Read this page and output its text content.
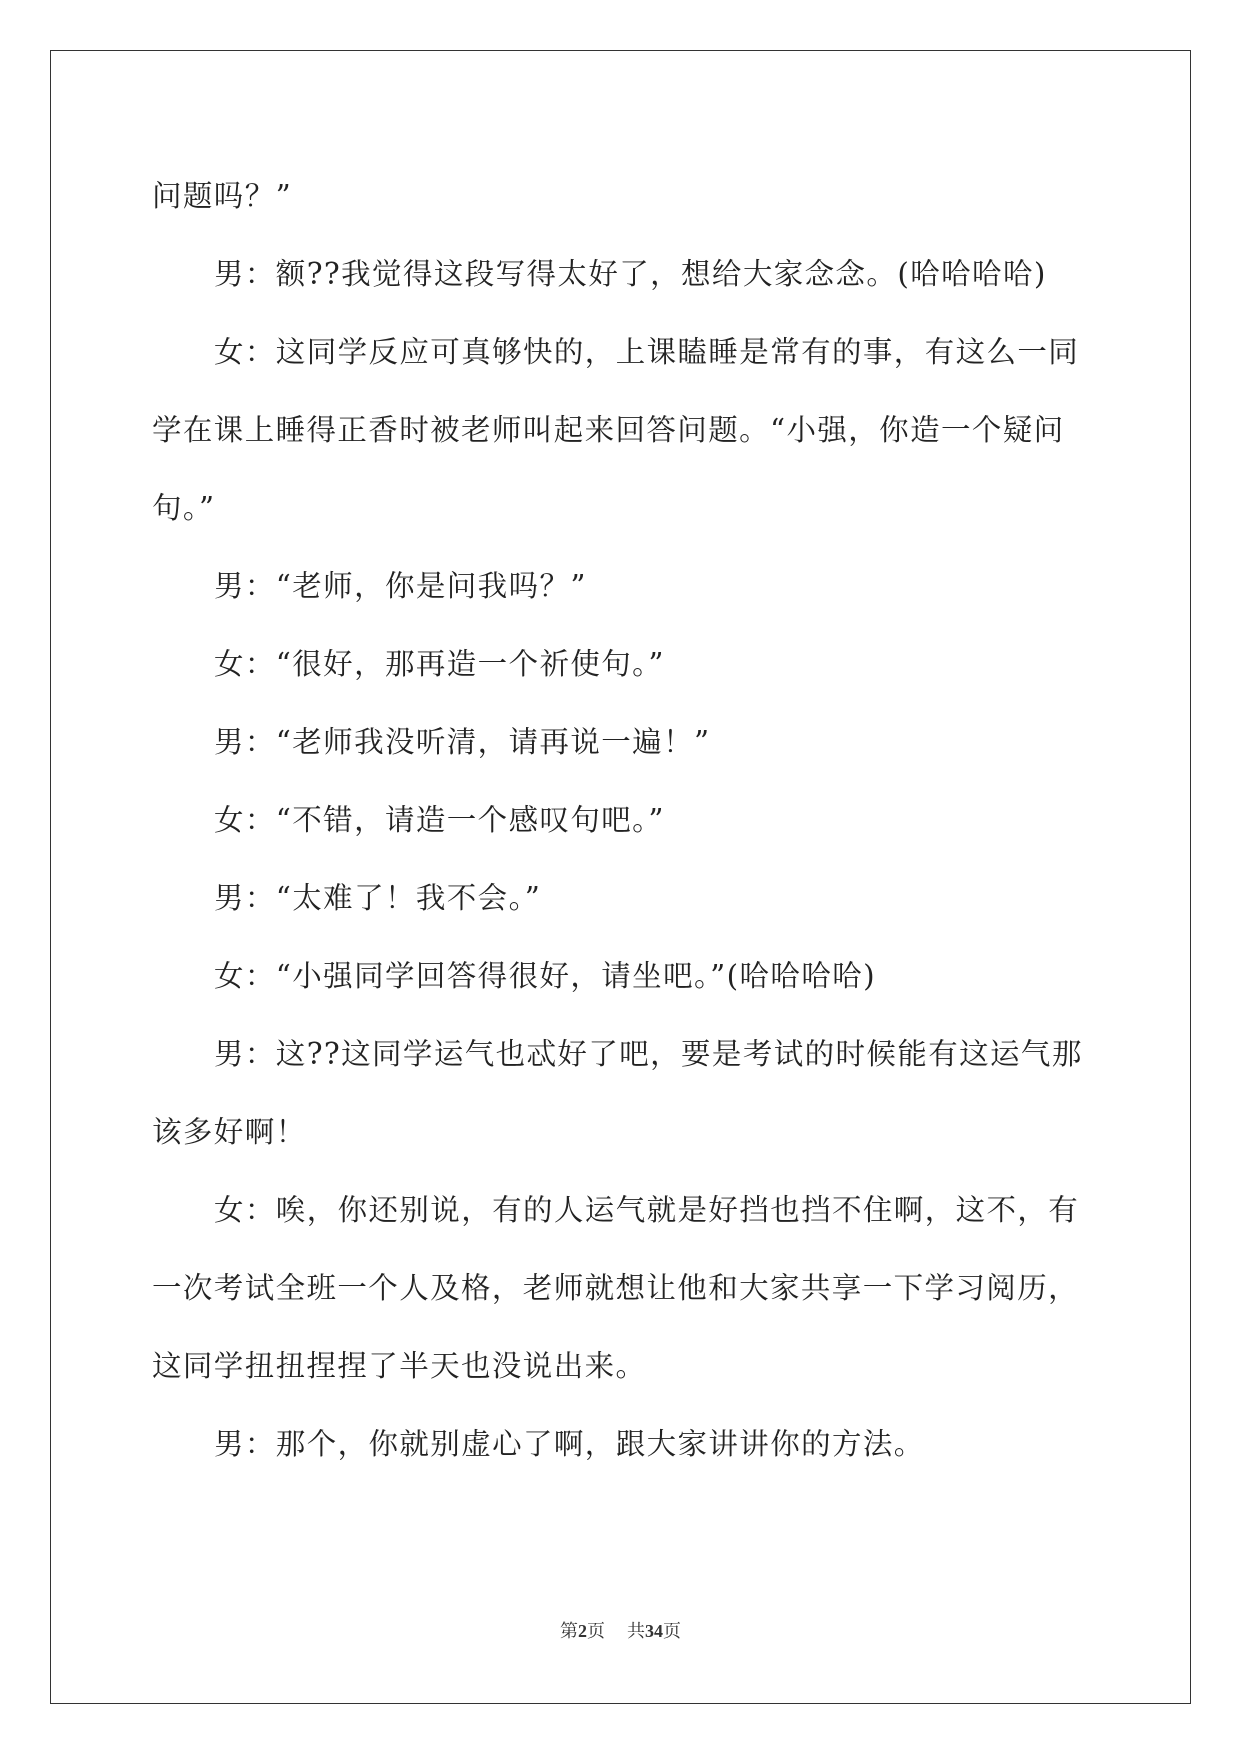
问题吗？”
男：额??我觉得这段写得太好了，想给大家念念。(哈哈哈哈)
女：这同学反应可真够快的，上课瞌睡是常有的事，有这么一同
学在课上睡得正香时被老师叫起来回答问题。“小强，你造一个疑问
句。”
男：“老师，你是问我吗？”
女：“很好，那再造一个祈使句。”
男：“老师我没听清，请再说一遍！”
女：“不错，请造一个感叹句吧。”
男：“太难了！我不会。”
女：“小强同学回答得很好，请坐吧。”(哈哈哈哈)
男：这??这同学运气也忒好了吧，要是考试的时候能有这运气那
该多好啊！
女：唉，你还别说，有的人运气就是好挡也挡不住啊，这不，有
一次考试全班一个人及格，老师就想让他和大家共享一下学习阅历，
这同学扭扭捏捏了半天也没说出来。
男：那个，你就别虚心了啊，跟大家讲讲你的方法。
第2页 共34页
